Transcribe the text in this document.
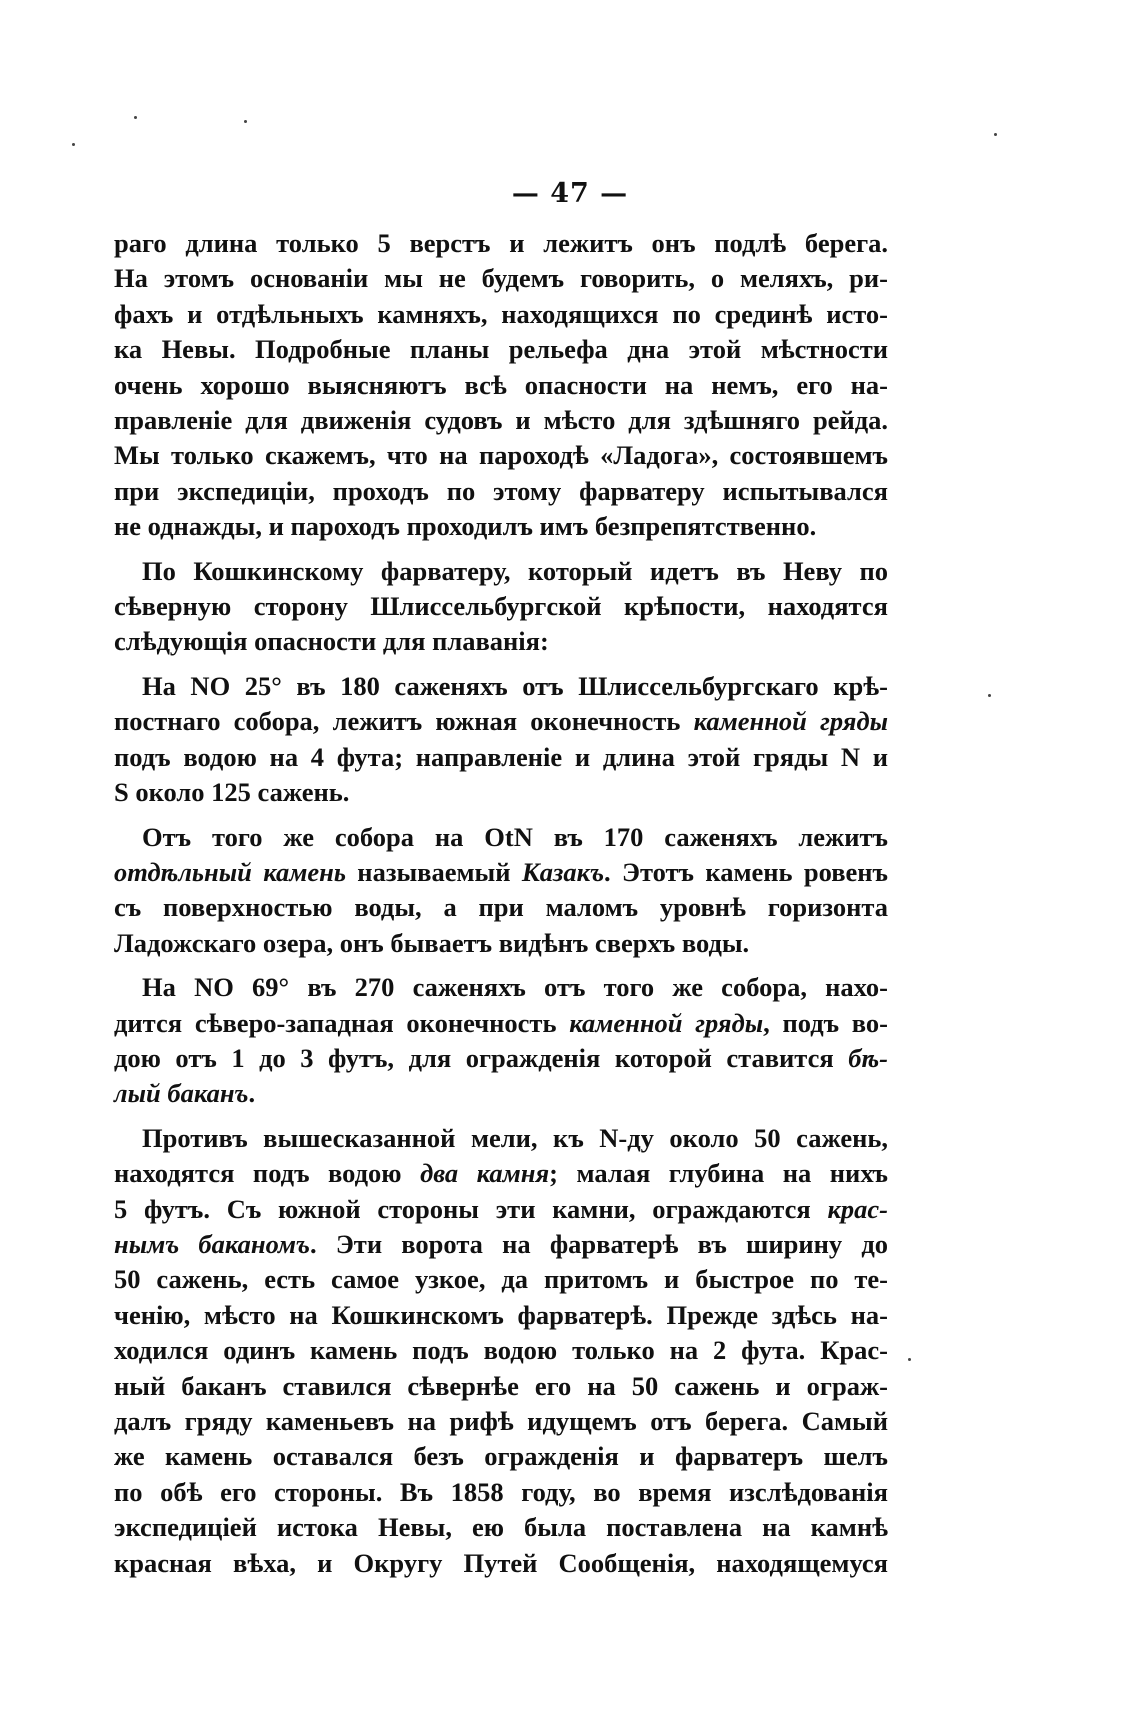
— 47 —
раго длина только 5 верстъ и лежитъ онъ подлѣ берега.
На этомъ основанiи мы не будемъ говорить, о меляхъ, ри-
фахъ и отдѣльныхъ камняхъ, находящихся по срединѣ исто-
ка Невы. Подробные планы рельефа дна этой мѣстности
очень хорошо выясняютъ всѣ опасности на немъ, его на-
правленiе для движенiя судовъ и мѣсто для здѣшняго рейда.
Мы только скажемъ, что на пароходѣ «Ладога», состоявшемъ
при экспедицiи, проходъ по этому фарватеру испытывался
не однажды, и пароходъ проходилъ имъ безпрепятственно.
По Кошкинскому фарватеру, который идетъ въ Неву по
сѣверную сторону Шлиссельбургской крѣпости, находятся
слѣдующiя опасности для плаванiя:
На NO 25° въ 180 саженяхъ отъ Шлиссельбургскаго крѣ-
постнаго собора, лежитъ южная оконечность каменной гряды
подъ водою на 4 фута; направленiе и длина этой гряды N и
S около 125 сажень.
Отъ того же собора на OtN въ 170 саженяхъ лежитъ
отдѣльный камень называемый Казакъ. Этотъ камень ровенъ
съ поверхностью воды, а при маломъ уровнѣ горизонта
Ладожскаго озера, онъ бываетъ видѣнъ сверхъ воды.
На NO 69° въ 270 саженяхъ отъ того же собора, нахо-
дится сѣверо-западная оконечность каменной гряды, подъ во-
дою отъ 1 до 3 футъ, для огражденiя которой ставится бѣ-
лый баканъ.
Противъ вышесказанной мели, къ N-ду около 50 сажень,
находятся подъ водою два камня; малая глубина на нихъ
5 футъ. Съ южной стороны эти камни, ограждаются крас-
нымъ баканомъ. Эти ворота на фарватерѣ въ ширину до
50 сажень, есть самое узкое, да притомъ и быстрое по те-
ченiю, мѣсто на Кошкинскомъ фарватерѣ. Прежде здѣсь на-
ходился одинъ камень подъ водою только на 2 фута. Крас-
ный баканъ ставился сѣвернѣе его на 50 сажень и ограж-
далъ гряду каменьевъ на рифѣ идущемъ отъ берега. Самый
же камень оставался безъ огражденiя и фарватеръ шелъ
по обѣ его стороны. Въ 1858 году, во время изслѣдованiя
экспедицiей истока Невы, ею была поставлена на камнѣ
красная вѣха, и Округу Путей Сообщенiя, находящемуся
